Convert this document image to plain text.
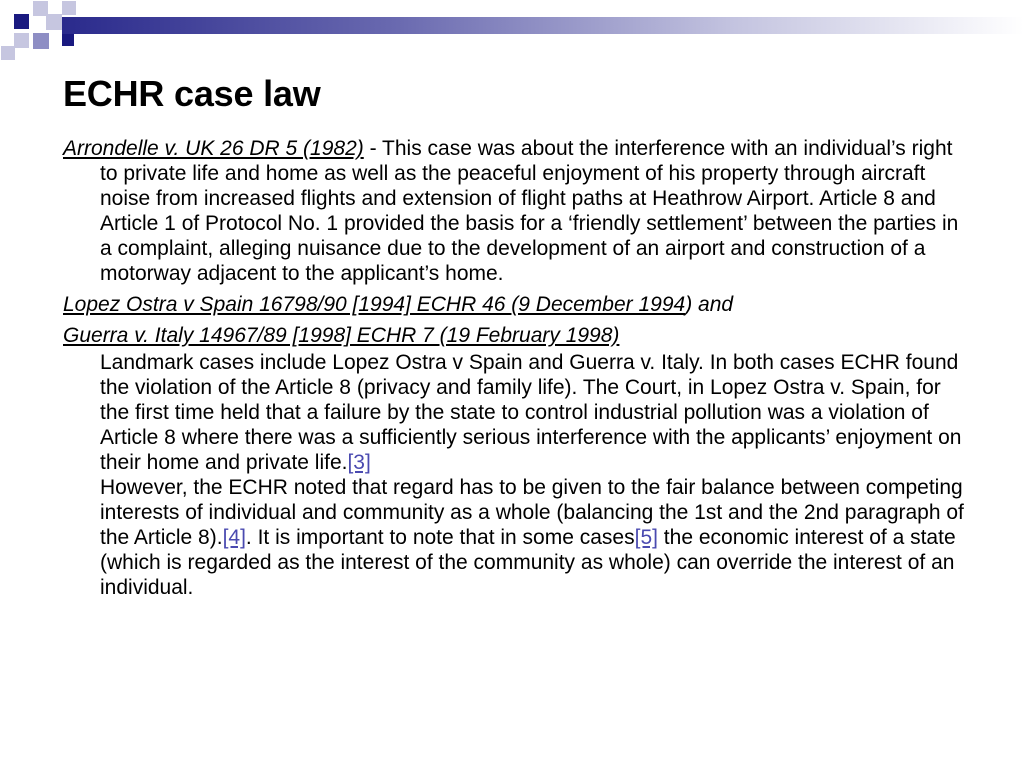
ECHR case law

Arrondelle v. UK 26 DR 5 (1982) - This case was about the interference with an individual’s right to private life and home as well as the peaceful enjoyment of his property through aircraft noise from increased flights and extension of flight paths at Heathrow Airport. Article 8 and Article 1 of Protocol No. 1 provided the basis for a ‘friendly settlement’ between the parties in a complaint, alleging nuisance due to the development of an airport and construction of a motorway adjacent to the applicant’s home.

Lopez Ostra v Spain 16798/90 [1994] ECHR 46 (9 December 1994) and

Guerra v. Italy 14967/89 [1998] ECHR 7 (19 February 1998)

Landmark cases include Lopez Ostra v Spain and Guerra v. Italy. In both cases ECHR found the violation of the Article 8 (privacy and family life). The Court, in Lopez Ostra v. Spain, for the first time held that a failure by the state to control industrial pollution was a violation of Article 8 where there was a sufficiently serious interference with the applicants’ enjoyment on their home and private life.[3]
However, the ECHR noted that regard has to be given to the fair balance between competing interests of individual and community as a whole (balancing the 1st and the 2nd paragraph of the Article 8).[4]. It is important to note that in some cases[5] the economic interest of a state (which is regarded as the interest of the community as whole) can override the interest of an individual.
